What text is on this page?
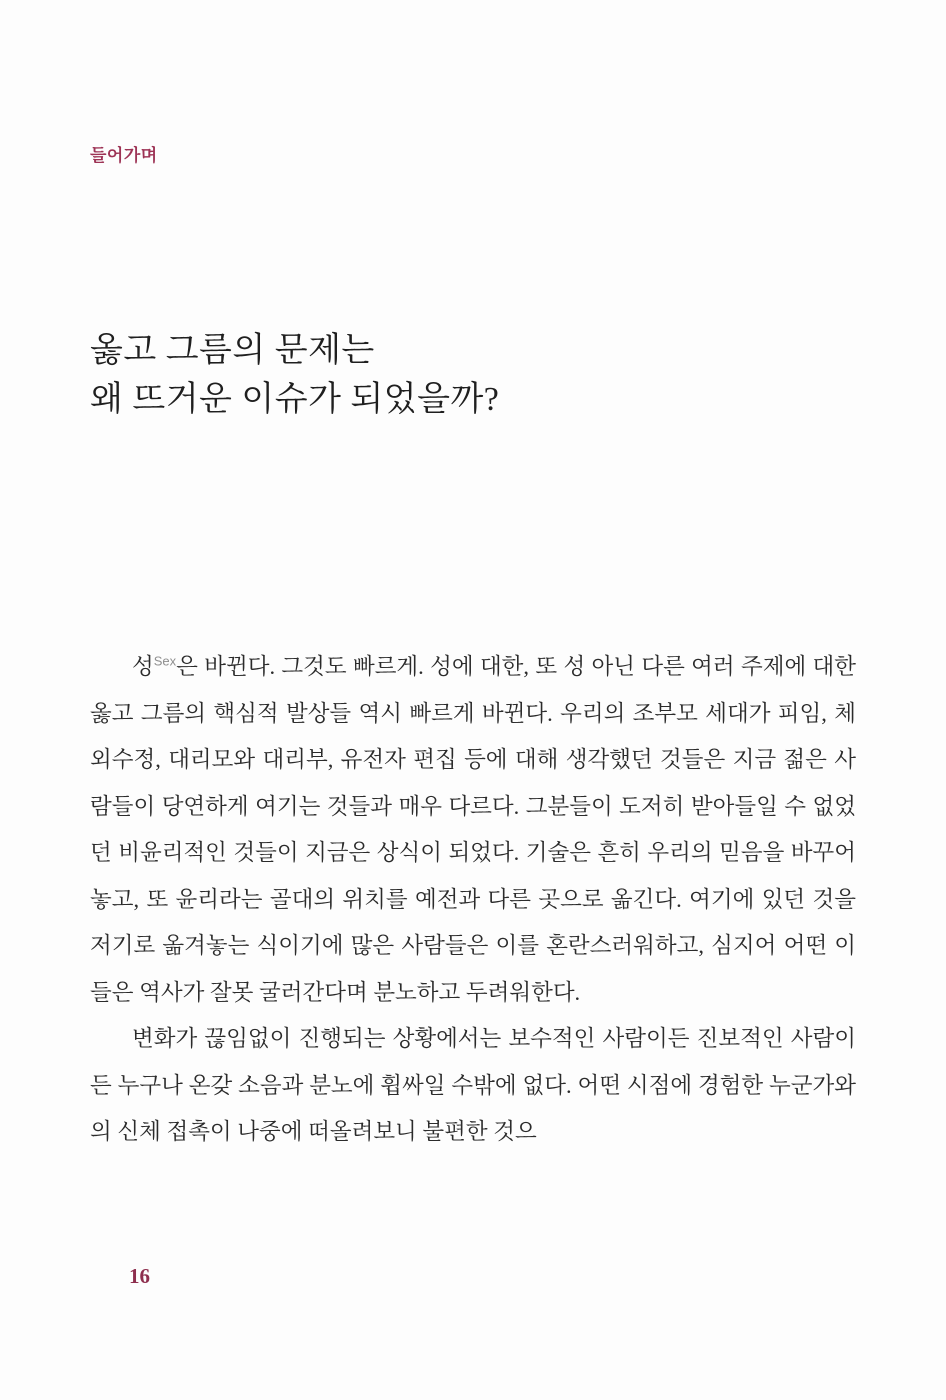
들어가며
옳고 그름의 문제는
왜 뜨거운 이슈가 되었을까?

성$^{Sex}$은 바뀐다. 그것도 빠르게. 성에 대한, 또 성 아닌 다른 여러 주제에 대한 옳고 그름의 핵심적 발상들 역시 빠르게 바뀐다. 우리의 조부모 세대가 피임, 체외수정, 대리모와 대리부, 유전자 편집 등에 대해 생각했던 것들은 지금 젊은 사람들이 당연하게 여기는 것들과 매우 다르다. 그분들이 도저히 받아들일 수 없었던 비윤리적인 것들이 지금은 상식이 되었다. 기술은 흔히 우리의 믿음을 바꾸어놓고, 또 윤리라는 골대의 위치를 예전과 다른 곳으로 옮긴다. 여기에 있던 것을 저기로 옮겨놓는 식이기에 많은 사람들은 이를 혼란스러워하고, 심지어 어떤 이들은 역사가 잘못 굴러간다며 분노하고 두려워한다.

변화가 끊임없이 진행되는 상황에서는 보수적인 사람이든 진보적인 사람이든 누구나 온갖 소음과 분노에 휩싸일 수밖에 없다. 어떤 시점에 경험한 누군가와의 신체 접촉이 나중에 떠올려보니 불편한 것으

16
